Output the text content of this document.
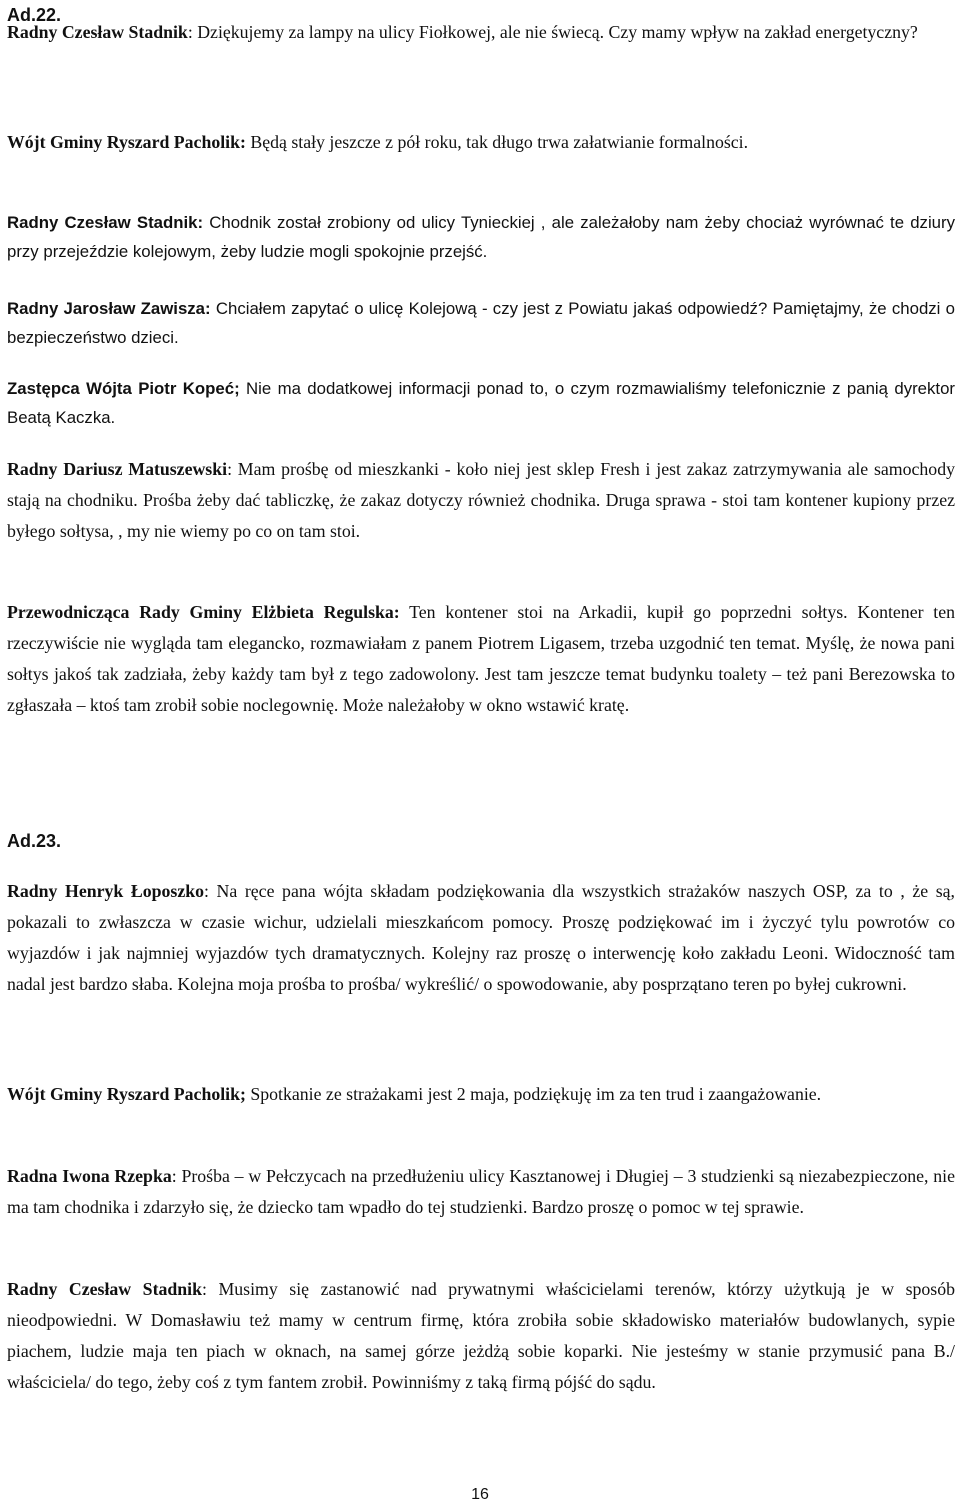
Ad.22.

Radny Czesław Stadnik: Dziękujemy za lampy na ulicy Fiołkowej, ale nie świecą. Czy mamy wpływ na zakład energetyczny?

Wójt Gminy Ryszard Pacholik: Będą stały jeszcze z pół roku, tak długo trwa załatwianie formalności.

Radny Czesław Stadnik: Chodnik został zrobiony od ulicy Tynieckiej , ale zależałoby nam żeby chociaż wyrównać te dziury przy przejeździe kolejowym, żeby ludzie mogli spokojnie przejść.

Radny Jarosław Zawisza: Chciałem zapytać o ulicę Kolejową - czy jest z Powiatu jakaś odpowiedź? Pamiętajmy, że chodzi o bezpieczeństwo dzieci.

Zastępca Wójta Piotr Kopeć; Nie ma dodatkowej informacji ponad to, o czym rozmawialiśmy telefonicznie z panią dyrektor Beatą Kaczka.

Radny Dariusz Matuszewski: Mam prośbę od mieszkanki - koło niej jest sklep Fresh i jest zakaz zatrzymywania ale samochody stają na chodniku. Prośba żeby dać tabliczkę, że zakaz dotyczy również chodnika. Druga sprawa - stoi tam kontener kupiony przez byłego sołtysa, , my nie wiemy po co on tam stoi.

Przewodnicząca Rady Gminy Elżbieta Regulska: Ten kontener stoi na Arkadii, kupił go poprzedni sołtys. Kontener ten rzeczywiście nie wygląda tam elegancko, rozmawiałam z panem Piotrem Ligasem, trzeba uzgodnić ten temat. Myślę, że nowa pani sołtys jakoś tak zadziała, żeby każdy tam był z tego zadowolony. Jest tam jeszcze temat budynku toalety – też pani Berezowska to zgłaszała – ktoś tam zrobił sobie noclegownię. Może należałoby w okno wstawić kratę.

Ad.23.

Radny Henryk Łoposzko: Na ręce pana wójta składam podziękowania dla wszystkich strażaków naszych OSP, za to , że są, pokazali to zwłaszcza w czasie wichur, udzielali mieszkańcom pomocy. Proszę podziękować im i życzyć tylu powrotów co wyjazdów i jak najmniej wyjazdów tych dramatycznych. Kolejny raz proszę o interwencję koło zakładu Leoni. Widoczność tam nadal jest bardzo słaba. Kolejna moja prośba to prośba/ wykreślić/ o spowodowanie, aby posprzątano teren po byłej cukrowni.

Wójt Gminy Ryszard Pacholik; Spotkanie ze strażakami jest 2 maja, podziękuję im za ten trud i zaangażowanie.

Radna Iwona Rzepka: Prośba – w Pełczycach na przedłużeniu ulicy Kasztanowej i Długiej – 3 studzienki są niezabezpieczone, nie ma tam chodnika i zdarzyło się, że dziecko tam wpadło do tej studzienki. Bardzo proszę o pomoc w tej sprawie.

Radny Czesław Stadnik: Musimy się zastanowić nad prywatnymi właścicielami terenów, którzy użytkują je w sposób nieodpowiedni. W Domasławiu też mamy w centrum firmę, która zrobiła sobie składowisko materiałów budowlanych, sypie piachem, ludzie maja ten piach w oknach, na samej górze jeżdżą sobie koparki. Nie jesteśmy w stanie przymusić pana B./ właściciela/ do tego, żeby coś z tym fantem zrobił. Powinniśmy z taką firmą pójść do sądu.

16
